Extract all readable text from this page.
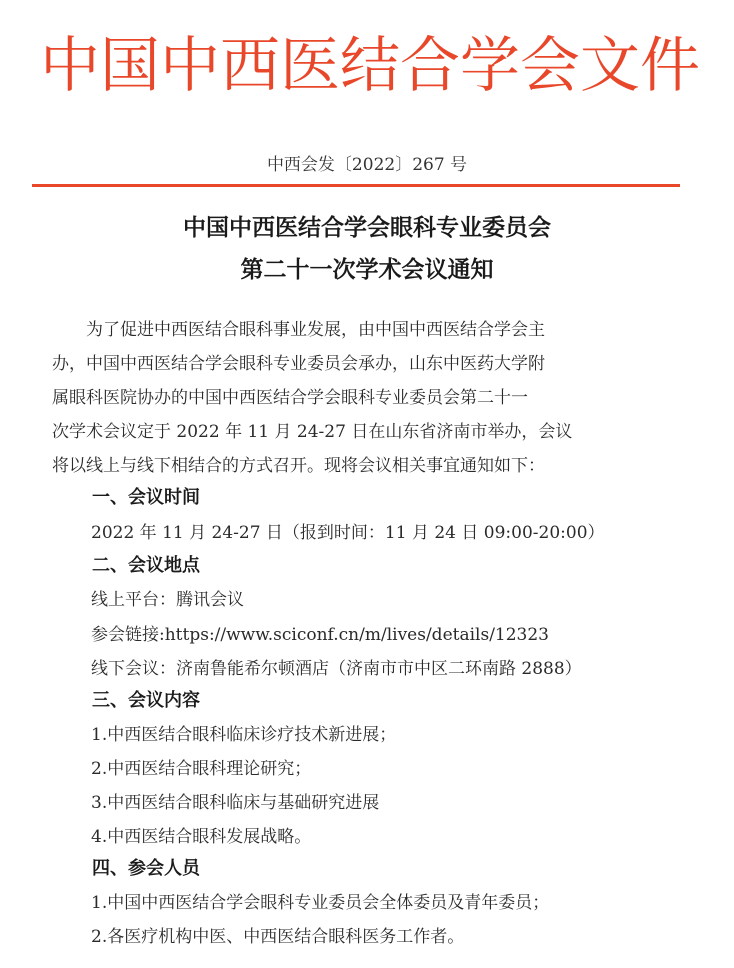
中国中西医结合学会文件
中西会发〔2022〕267 号
中国中西医结合学会眼科专业委员会
第二十一次学术会议通知
　　为了促进中西医结合眼科事业发展，由中国中西医结合学会主
办，中国中西医结合学会眼科专业委员会承办，山东中医药大学附
属眼科医院协办的中国中西医结合学会眼科专业委员会第二十一
次学术会议定于 2022 年 11 月 24-27 日在山东省济南市举办，会议
将以线上与线下相结合的方式召开。现将会议相关事宜通知如下：
一、会议时间
2022 年 11 月 24-27 日（报到时间：11 月 24 日 09:00-20:00）
二、会议地点
线上平台：腾讯会议
参会链接:https://www.sciconf.cn/m/lives/details/12323
线下会议：济南鲁能希尔顿酒店（济南市市中区二环南路 2888）
三、会议内容
1.中西医结合眼科临床诊疗技术新进展；
2.中西医结合眼科理论研究；
3.中西医结合眼科临床与基础研究进展
4.中西医结合眼科发展战略。
四、参会人员
1.中国中西医结合学会眼科专业委员会全体委员及青年委员；
2.各医疗机构中医、中西医结合眼科医务工作者。
